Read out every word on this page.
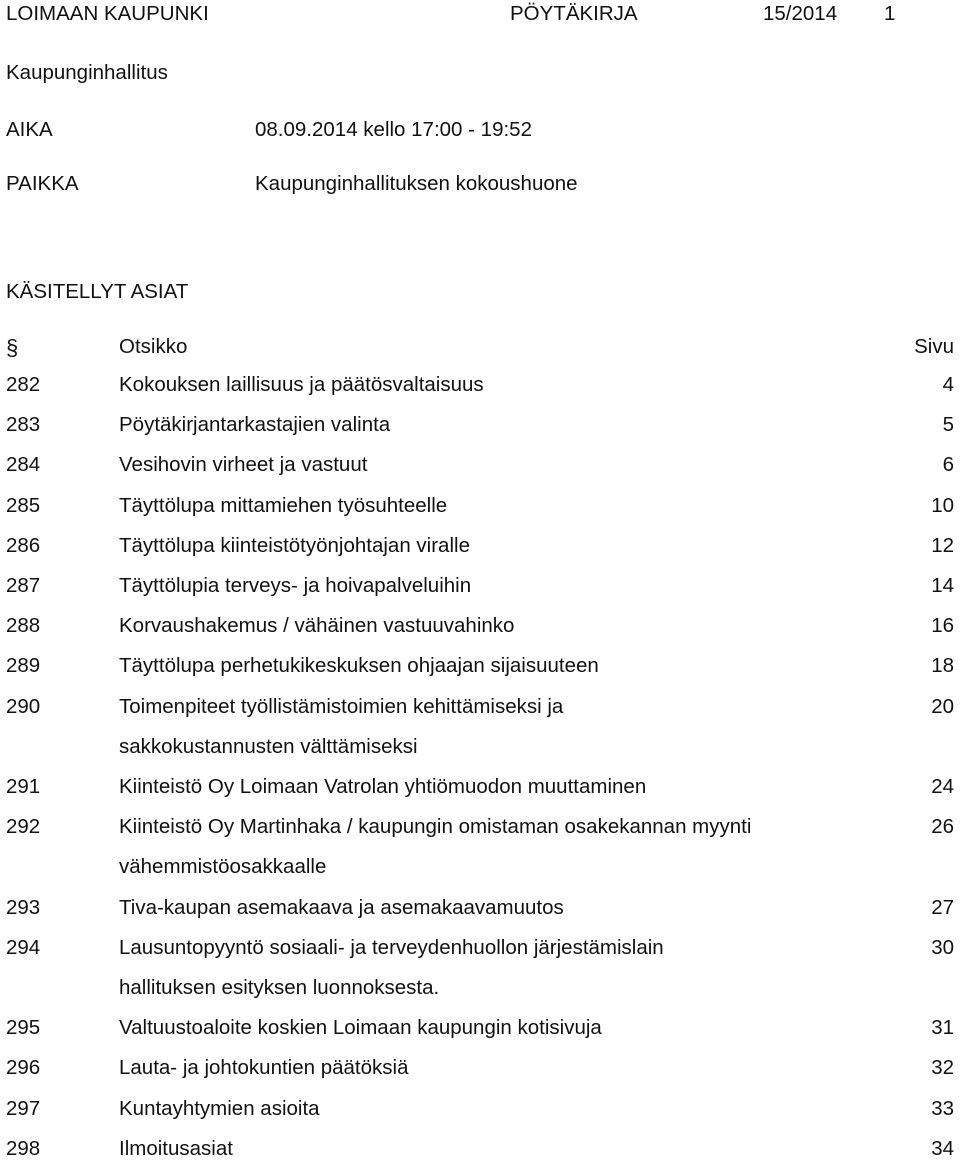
LOIMAAN KAUPUNKI	PÖYTÄKIRJA	15/2014 1
Kaupunginhallitus
AIKA	08.09.2014 kello 17:00 - 19:52
PAIKKA	Kaupunginhallituksen kokoushuone
KÄSITELLYT ASIAT
§	Otsikko	Sivu
282	Kokouksen laillisuus ja päätösvaltaisuus	4
283	Pöytäkirjantarkastajien valinta	5
284	Vesihovin virheet ja vastuut	6
285	Täyttölupa mittamiehen työsuhteelle	10
286	Täyttölupa kiinteistötyönjohtajan viralle	12
287	Täyttölupia terveys- ja hoivapalveluihin	14
288	Korvaushakemus / vähäinen vastuuvahinko	16
289	Täyttölupa perhetukikeskuksen ohjaajan sijaisuuteen	18
290	Toimenpiteet työllistämistoimien kehittämiseksi ja	20
sakkokustannusten välttämiseksi
291	Kiinteistö Oy Loimaan Vatrolan yhtiömuodon muuttaminen	24
292	Kiinteistö Oy Martinhaka / kaupungin omistaman osakekannan myynti	26
vähemmistöosakkaalle
293	Tiva-kaupan asemakaava ja asemakaavamuutos	27
294	Lausuntopyyntö sosiaali- ja terveydenhuollon järjestämislain	30
hallituksen esityksen luonnoksesta.
295	Valtuustoaloite koskien Loimaan kaupungin kotisivuja	31
296	Lauta- ja johtokuntien päätöksiä	32
297	Kuntayhtymien asioita	33
298	Ilmoitusasiat	34
